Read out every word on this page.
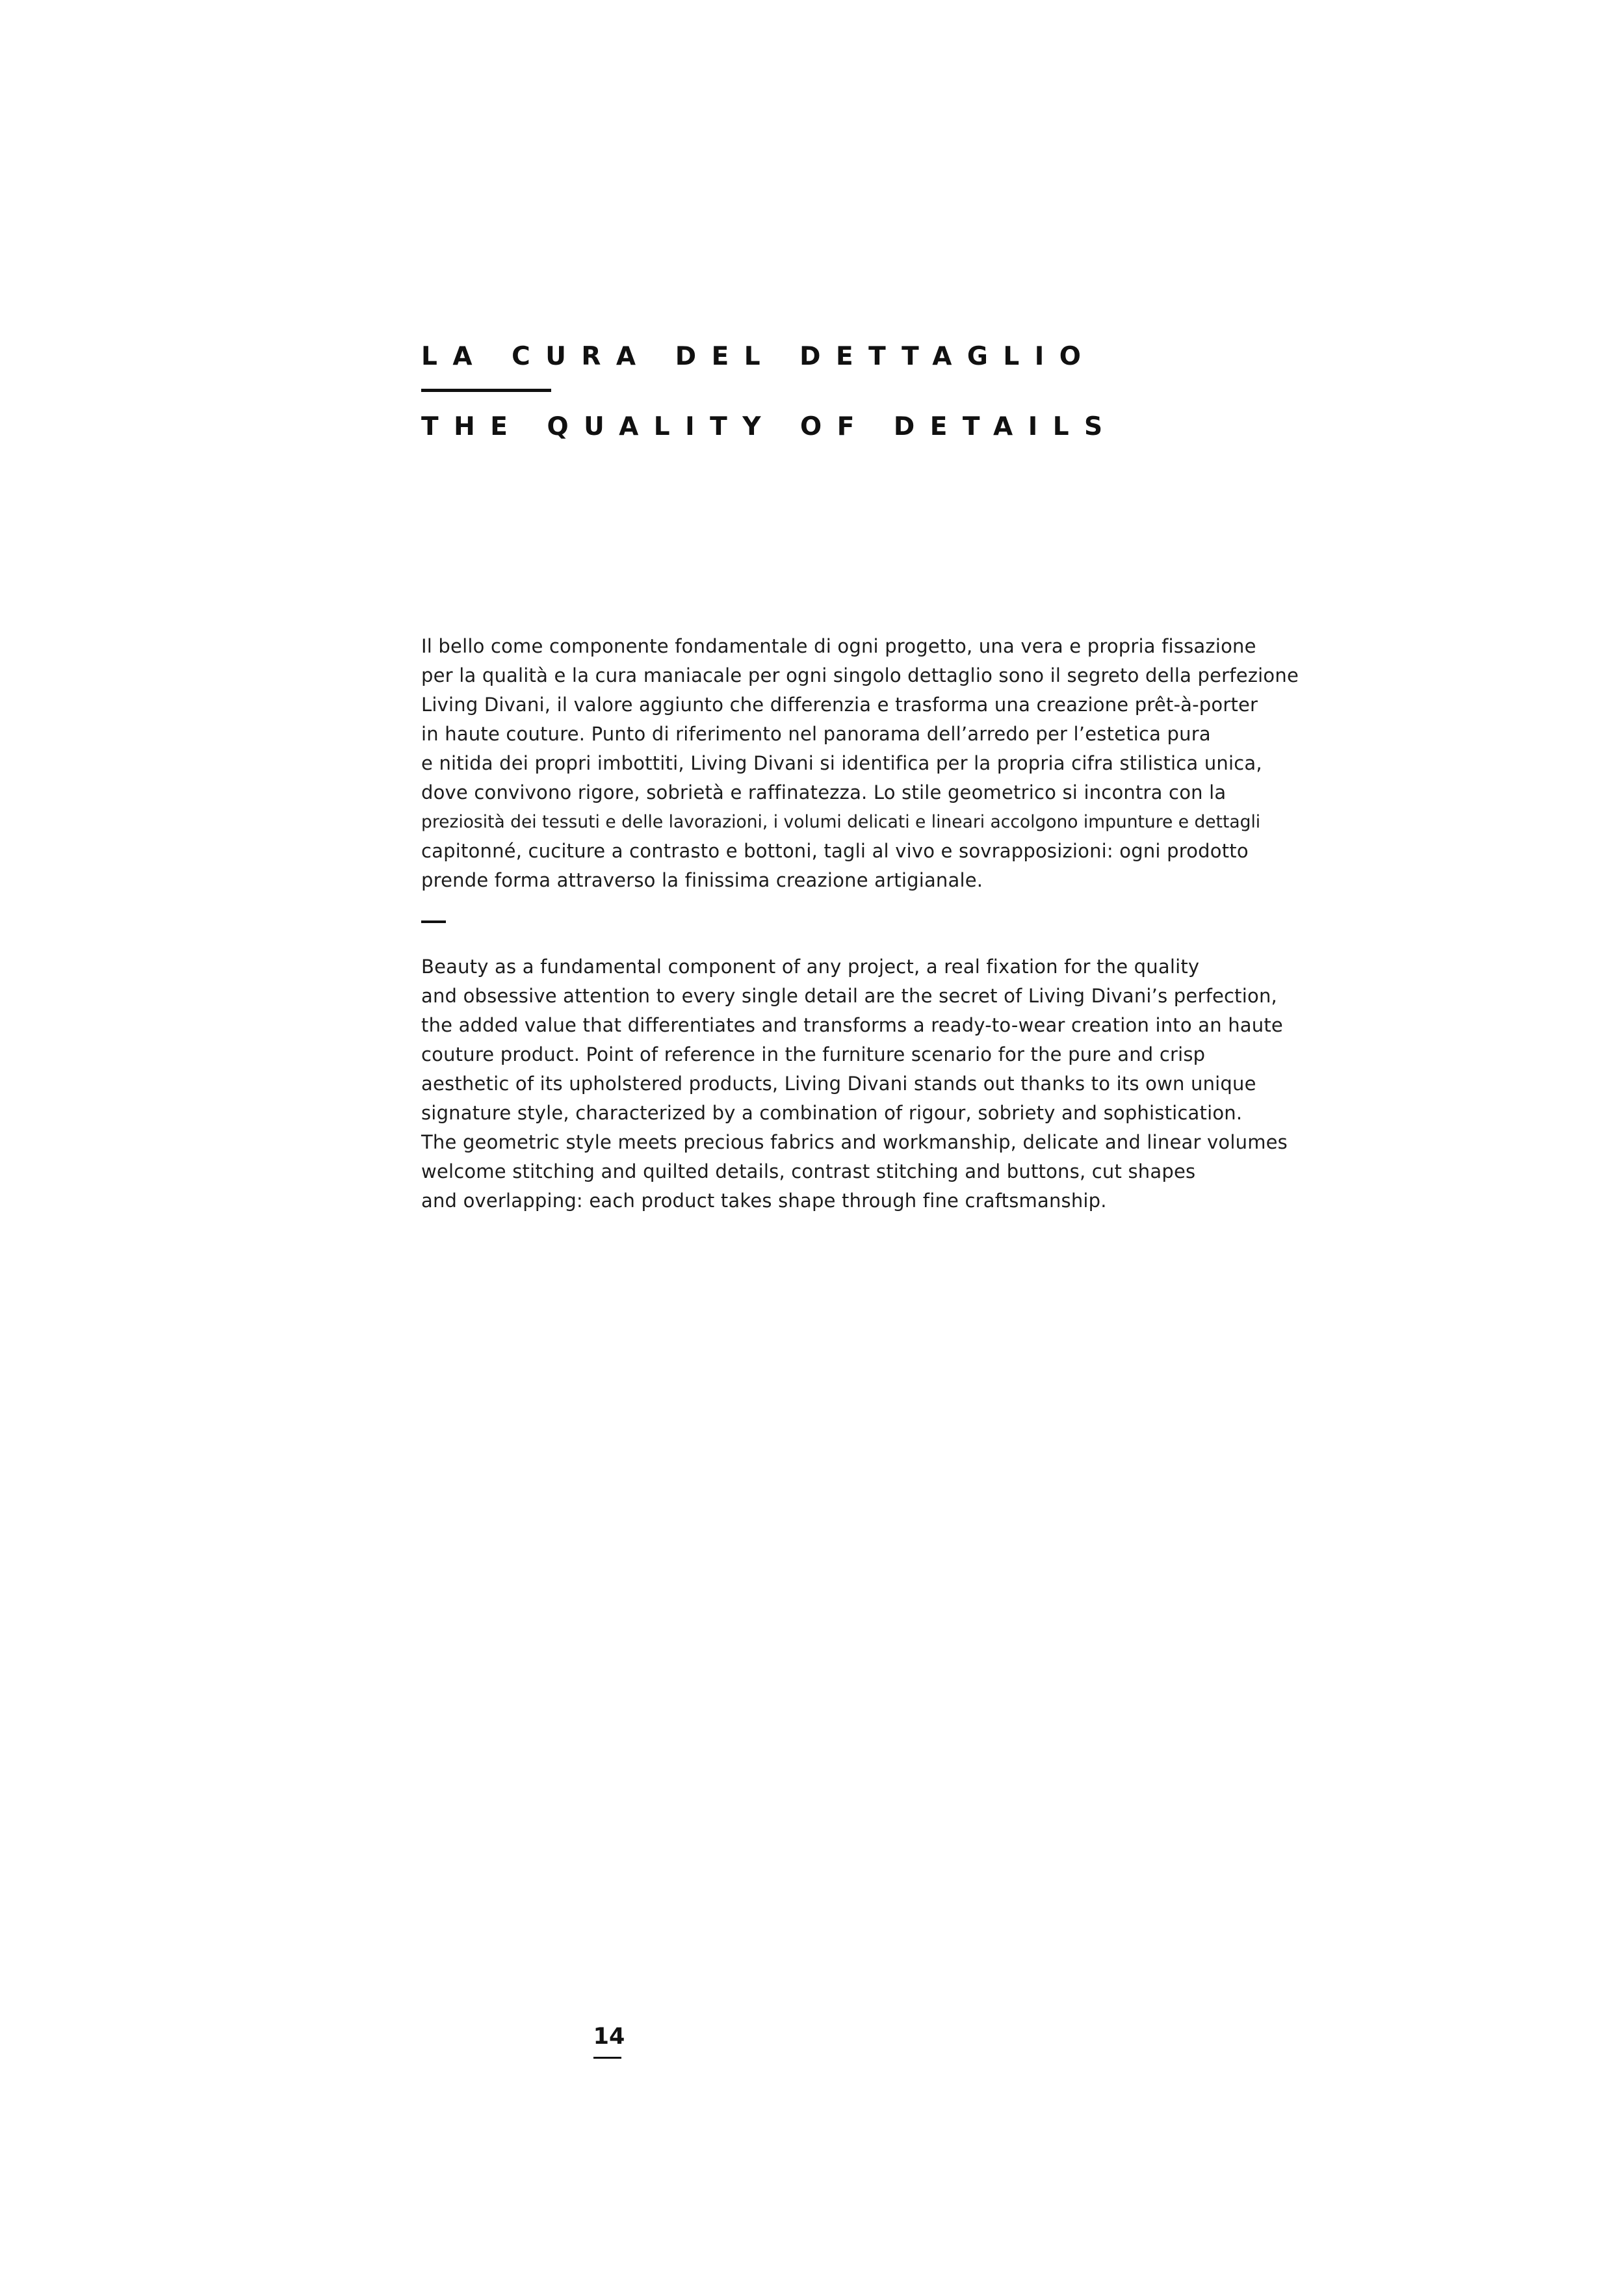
LA CURA DEL DETTAGLIO
THE QUALITY OF DETAILS
Il bello come componente fondamentale di ogni progetto, una vera e propria fissazione
per la qualità e la cura maniacale per ogni singolo dettaglio sono il segreto della perfezione
Living Divani, il valore aggiunto che differenzia e trasforma una creazione prêt-à-porter
in haute couture. Punto di riferimento nel panorama dell’arredo per l’estetica pura
e nitida dei propri imbottiti, Living Divani si identifica per la propria cifra stilistica unica,
dove convivono rigore, sobrietà e raffinatezza. Lo stile geometrico si incontra con la
preziosità dei tessuti e delle lavorazioni, i volumi delicati e lineari accolgono impunture e dettagli
capitonné, cuciture a contrasto e bottoni, tagli al vivo e sovrapposizioni: ogni prodotto
prende forma attraverso la finissima creazione artigianale.
Beauty as a fundamental component of any project, a real fixation for the quality
and obsessive attention to every single detail are the secret of Living Divani’s perfection,
the added value that differentiates and transforms a ready-to-wear creation into an haute
couture product. Point of reference in the furniture scenario for the pure and crisp
aesthetic of its upholstered products, Living Divani stands out thanks to its own unique
signature style, characterized by a combination of rigour, sobriety and sophistication.
The geometric style meets precious fabrics and workmanship, delicate and linear volumes
welcome stitching and quilted details, contrast stitching and buttons, cut shapes
and overlapping: each product takes shape through fine craftsmanship.
14
